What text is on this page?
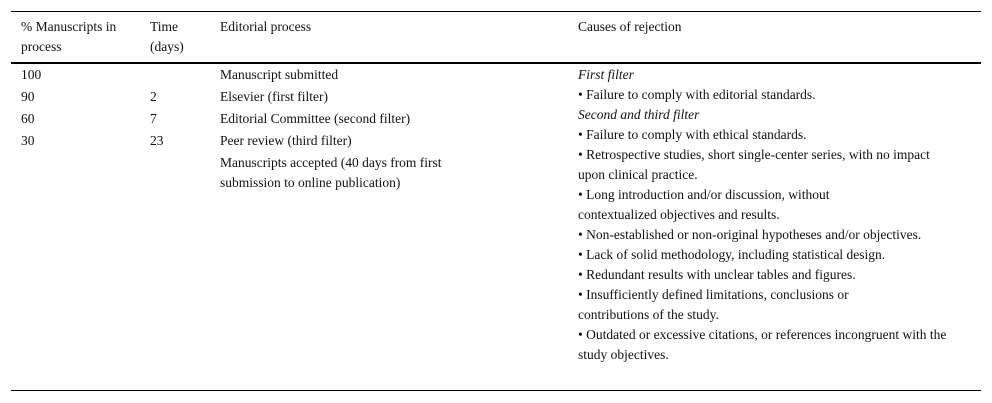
% Manuscripts in process
Time (days)
Editorial process	Causes of rejection
100
90
60
30
2
7
23
Manuscript submitted
Elsevier (first filter)
Editorial Committee (second filter)
Peer review (third filter)
Manuscripts accepted (40 days from first submission to online publication)
First filter
• Failure to comply with editorial standards.
Second and third filter
• Failure to comply with ethical standards.
• Retrospective studies, short single-center series, with no impact upon clinical practice.
• Long introduction and/or discussion, without contextualized objectives and results.
• Non-established or non-original hypotheses and/or objectives.
• Lack of solid methodology, including statistical design.
• Redundant results with unclear tables and figures.
• Insufficiently defined limitations, conclusions or contributions of the study.
• Outdated or excessive citations, or references incongruent with the study objectives.
